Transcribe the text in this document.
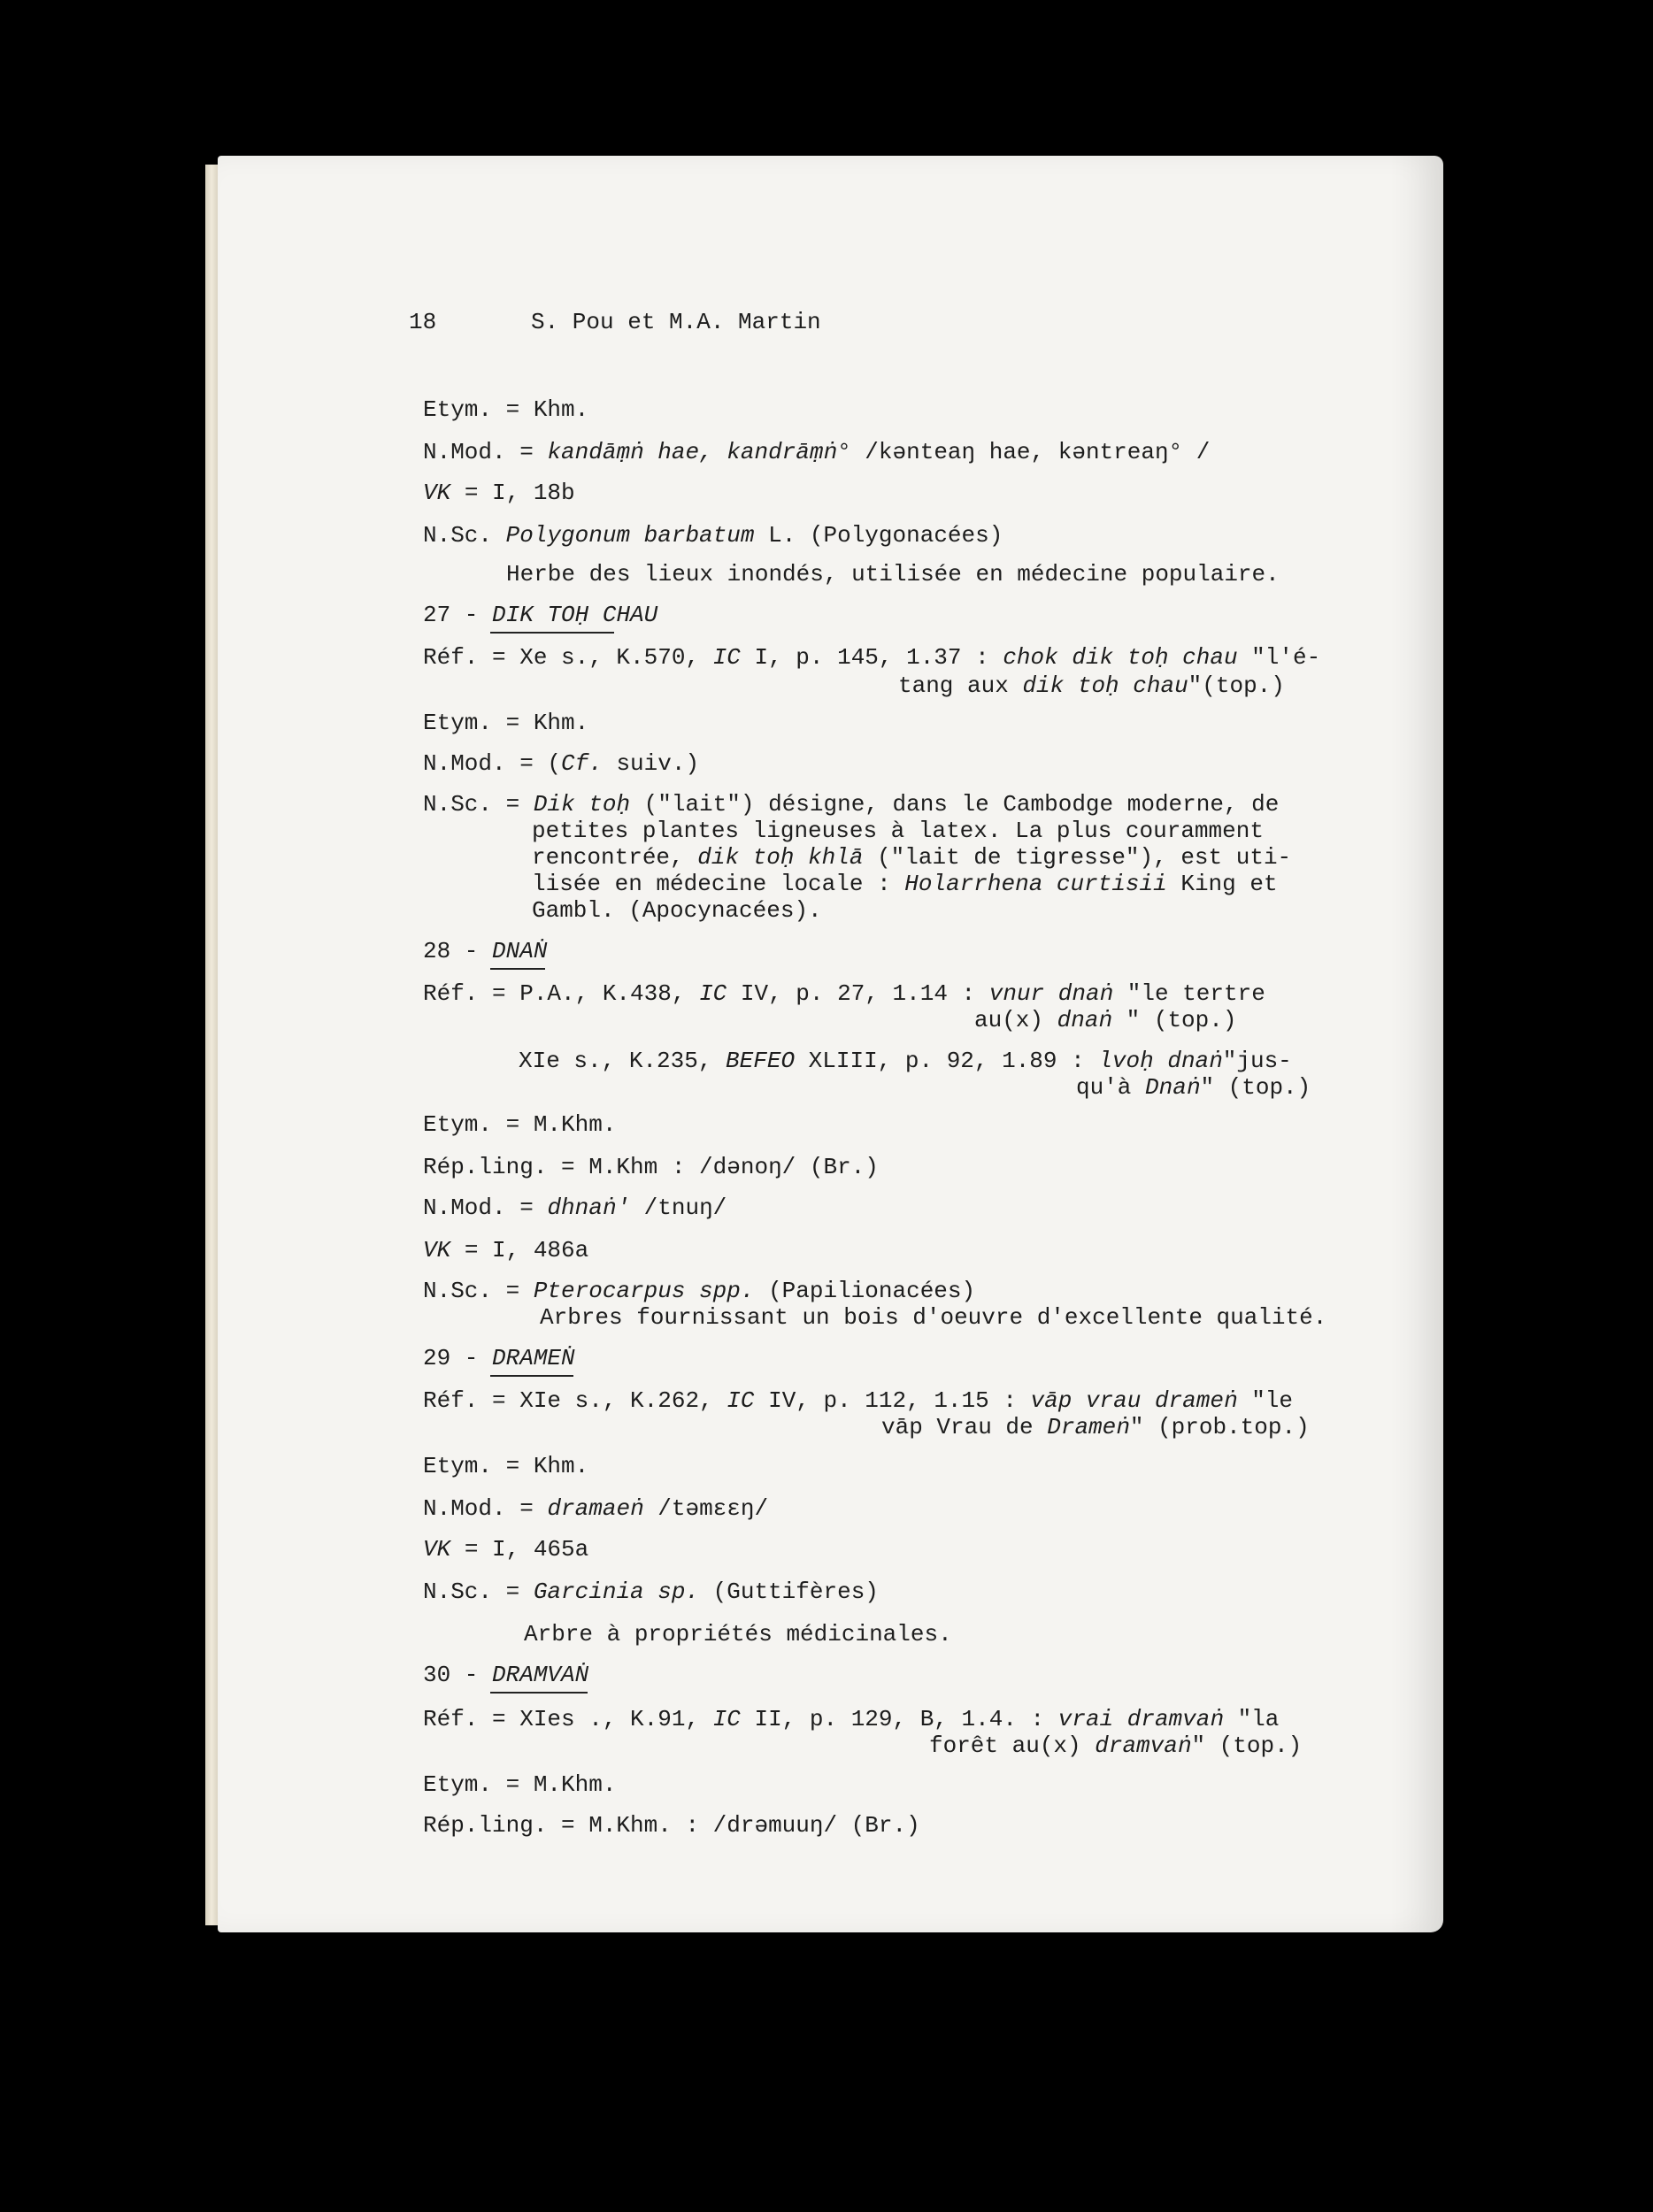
18	S. Pou et M.A. Martin
Etym. = Khm.
N.Mod. = kandāṃṅ hae, kandrāṃṅ° /kənteaŋ hae, kəntreaŋ° /
VK = I, 18b
N.Sc. Polygonum barbatum L. (Polygonacées)
Herbe des lieux inondés, utilisée en médecine populaire.
27 - DIK TOḤ CHAU
Réf. = Xe s., K.570, IC I, p. 145, 1.37 : chok dik toḥ chau "l'é-
tang aux dik toḥ chau"(top.)
Etym. = Khm.
N.Mod. = (Cf. suiv.)
N.Sc. = Dik toḥ ("lait") désigne, dans le Cambodge moderne, de
petites plantes ligneuses à latex. La plus couramment
rencontrée, dik toḥ khlā ("lait de tigresse"), est uti-
lisée en médecine locale : Holarrhena curtisii King et
Gambl. (Apocynacées).
28 - DNAṄ
Réf. = P.A., K.438, IC IV, p. 27, 1.14 : vnur dnaṅ "le tertre
au(x) dnaṅ " (top.)
XIe s., K.235, BEFEO XLIII, p. 92, 1.89 : lvoḥ dnaṅ"jus-
qu'à Dnaṅ" (top.)
Etym. = M.Khm.
Rép.ling. = M.Khm : /dənoŋ/ (Br.)
N.Mod. = dhnaṅ' /tnuŋ/
VK = I, 486a
N.Sc. = Pterocarpus spp. (Papilionacées)
Arbres fournissant un bois d'oeuvre d'excellente qualité.
29 - DRAMEṄ
Réf. = XIe s., K.262, IC IV, p. 112, 1.15 : vāp vrau drameṅ "le
vāp Vrau de Drameṅ" (prob.top.)
Etym. = Khm.
N.Mod. = dramaeṅ /təmɛɛŋ/
VK = I, 465a
N.Sc. = Garcinia sp. (Guttifères)
Arbre à propriétés médicinales.
30 - DRAMVAṄ
Réf. = XIes ., K.91, IC II, p. 129, B, 1.4. : vrai dramvaṅ "la
forêt au(x) dramvaṅ" (top.)
Etym. = M.Khm.
Rép.ling. = M.Khm. : /drəmuuŋ/ (Br.)
